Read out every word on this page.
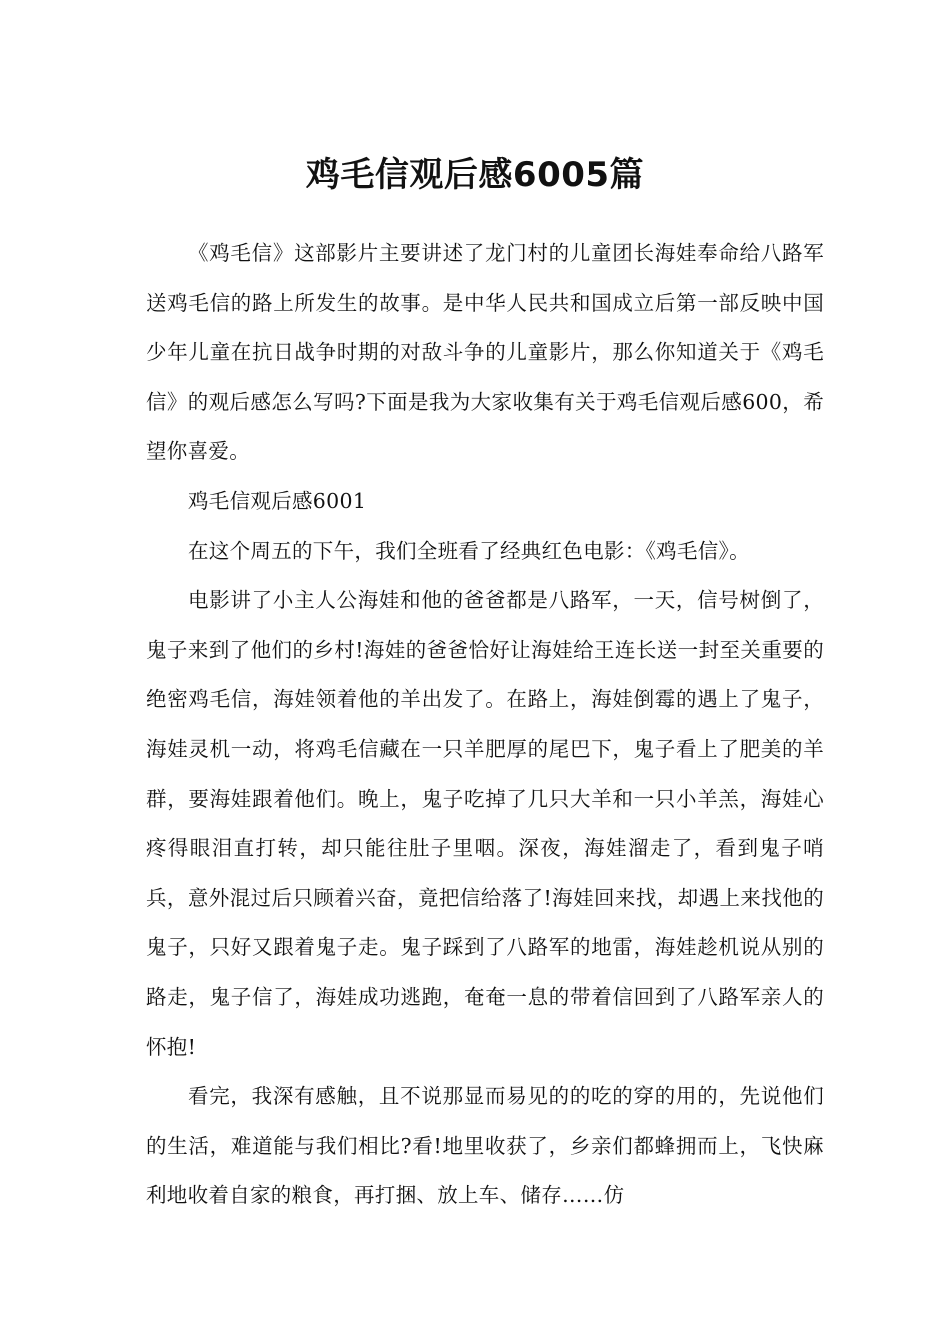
鸡毛信观后感6005篇

《鸡毛信》这部影片主要讲述了龙门村的儿童团长海娃奉命给八路军送鸡毛信的路上所发生的故事。是中华人民共和国成立后第一部反映中国少年儿童在抗日战争时期的对敌斗争的儿童影片，那么你知道关于《鸡毛信》的观后感怎么写吗?下面是我为大家收集有关于鸡毛信观后感600，希望你喜爱。

鸡毛信观后感6001

在这个周五的下午，我们全班看了经典红色电影：《鸡毛信》。

电影讲了小主人公海娃和他的爸爸都是八路军，一天，信号树倒了，鬼子来到了他们的乡村!海娃的爸爸恰好让海娃给王连长送一封至关重要的绝密鸡毛信，海娃领着他的羊出发了。在路上，海娃倒霉的遇上了鬼子，海娃灵机一动，将鸡毛信藏在一只羊肥厚的尾巴下，鬼子看上了肥美的羊群，要海娃跟着他们。晚上，鬼子吃掉了几只大羊和一只小羊羔，海娃心疼得眼泪直打转，却只能往肚子里咽。深夜，海娃溜走了，看到鬼子哨兵，意外混过后只顾着兴奋，竟把信给落了!海娃回来找，却遇上来找他的鬼子，只好又跟着鬼子走。鬼子踩到了八路军的地雷，海娃趁机说从别的路走，鬼子信了，海娃成功逃跑，奄奄一息的带着信回到了八路军亲人的怀抱!

看完，我深有感触，且不说那显而易见的的吃的穿的用的，先说他们的生活，难道能与我们相比?看!地里收获了，乡亲们都蜂拥而上，飞快麻利地收着自家的粮食，再打捆、放上车、储存……仿
